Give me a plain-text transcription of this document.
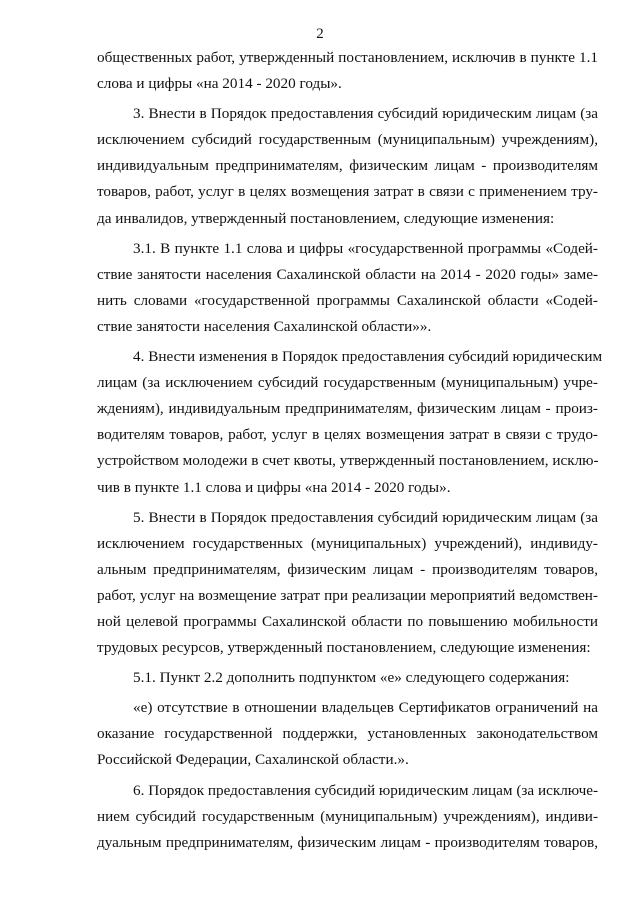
2
общественных работ, утвержденный постановлением, исключив в пункте 1.1
слова и цифры «на 2014 - 2020 годы».
3. Внести в Порядок предоставления субсидий юридическим лицам (за
исключением субсидий государственным (муниципальным) учреждениям),
индивидуальным предпринимателям, физическим лицам - производителям
товаров, работ, услуг в целях возмещения затрат в связи с применением тру-
да инвалидов, утвержденный постановлением, следующие изменения:
3.1. В пункте 1.1 слова и цифры «государственной программы «Содей-
ствие занятости населения Сахалинской области на 2014 - 2020 годы» заме-
нить словами «государственной программы Сахалинской области «Содей-
ствие занятости населения Сахалинской области»».
4. Внести изменения в Порядок предоставления субсидий юридическим
лицам (за исключением субсидий государственным (муниципальным) учре-
ждениям), индивидуальным предпринимателям, физическим лицам - произ-
водителям товаров, работ, услуг в целях возмещения затрат в связи с трудо-
устройством молодежи в счет квоты, утвержденный постановлением, исклю-
чив в пункте 1.1 слова и цифры «на 2014 - 2020 годы».
5. Внести в Порядок предоставления субсидий юридическим лицам (за
исключением государственных (муниципальных) учреждений), индивиду-
альным предпринимателям, физическим лицам - производителям товаров,
работ, услуг на возмещение затрат при реализации мероприятий ведомствен-
ной целевой программы Сахалинской области по повышению мобильности
трудовых ресурсов, утвержденный постановлением, следующие изменения:
5.1. Пункт 2.2 дополнить подпунктом «е» следующего содержания:
«е) отсутствие в отношении владельцев Сертификатов ограничений на
оказание государственной поддержки, установленных законодательством
Российской Федерации, Сахалинской области.».
6. Порядок предоставления субсидий юридическим лицам (за исключе-
нием субсидий государственным (муниципальным) учреждениям), индиви-
дуальным предпринимателям, физическим лицам - производителям товаров,
